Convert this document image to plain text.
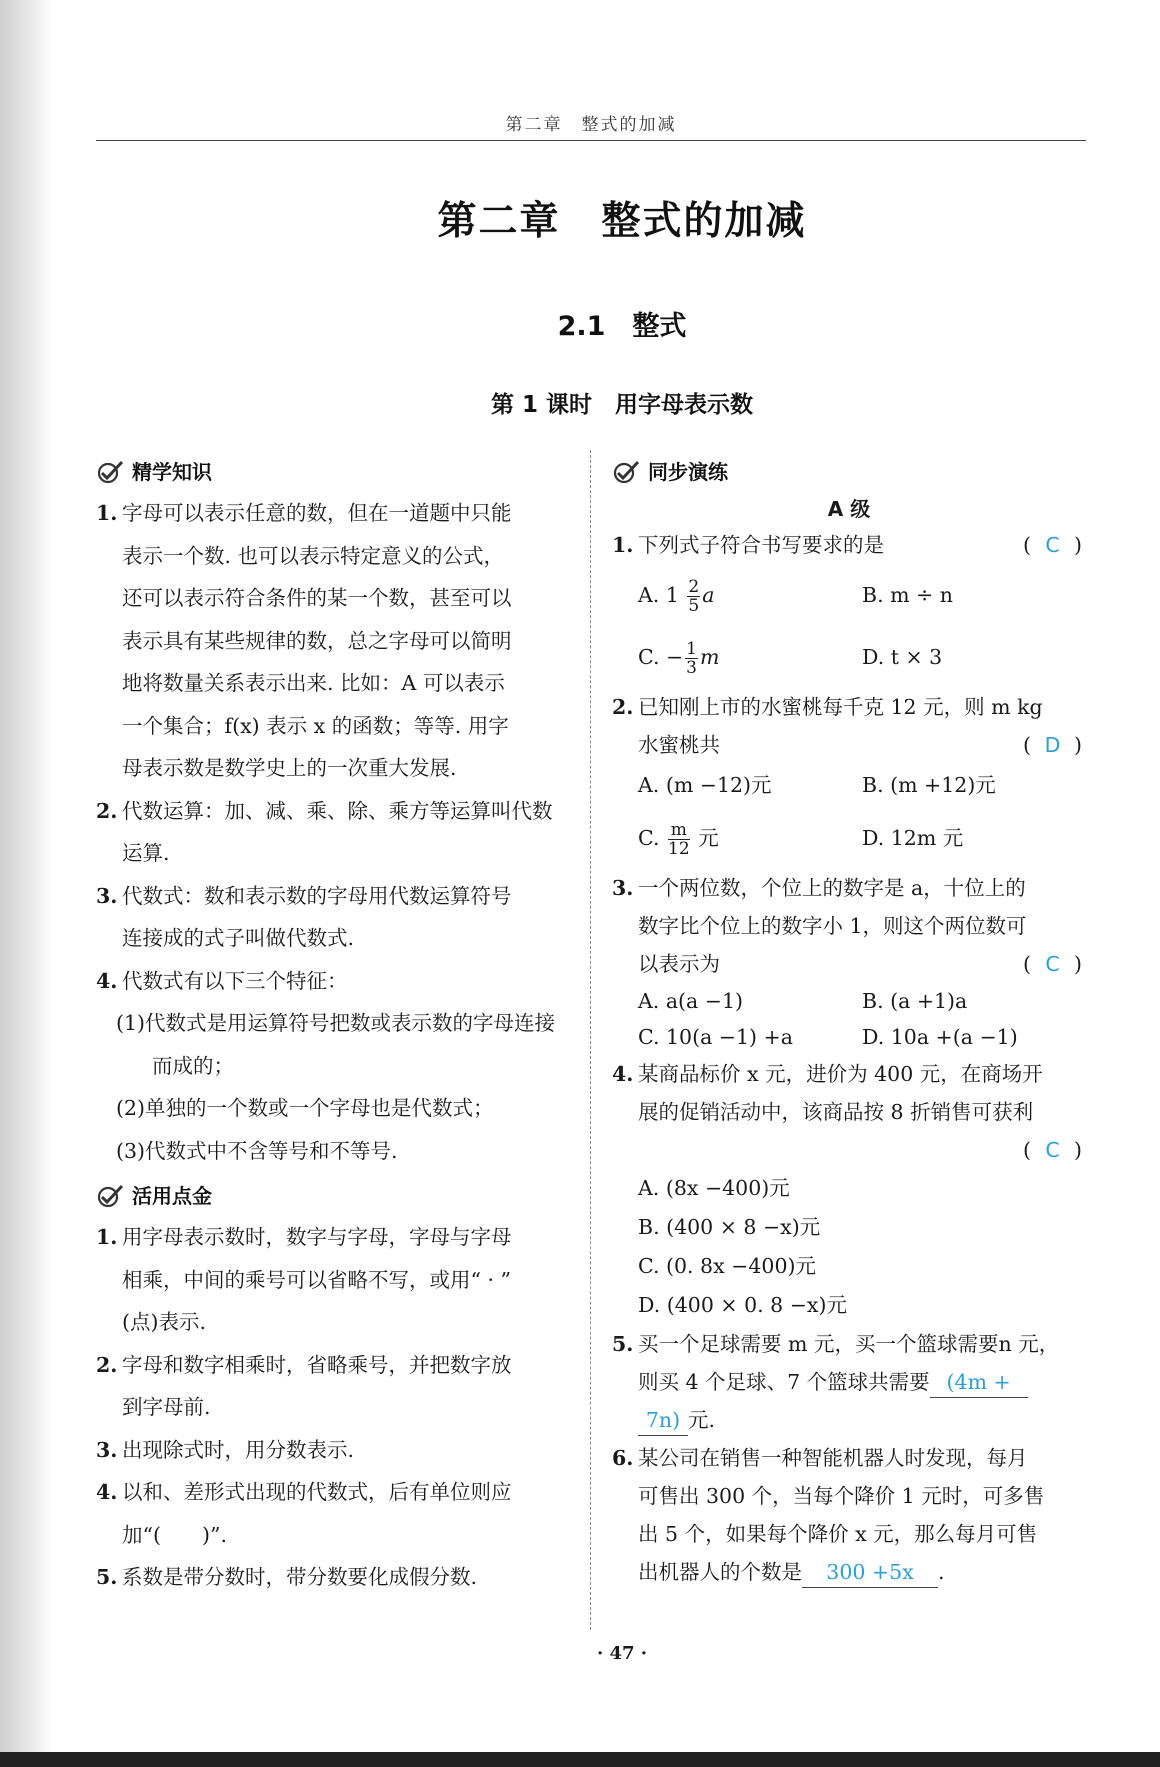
第二章　整式的加减
第二章　整式的加减
2.1　整式
第 1 课时　用字母表示数
精学知识
1. 字母可以表示任意的数，但在一道题中只能
表示一个数. 也可以表示特定意义的公式，
还可以表示符合条件的某一个数，甚至可以
表示具有某些规律的数，总之字母可以简明
地将数量关系表示出来. 比如：A 可以表示
一个集合；f(x) 表示 x 的函数；等等. 用字
母表示数是数学史上的一次重大发展.
2. 代数运算：加、减、乘、除、乘方等运算叫代数
运算.
3. 代数式：数和表示数的字母用代数运算符号
连接成的式子叫做代数式.
4. 代数式有以下三个特征：
(1)代数式是用运算符号把数或表示数的字母连接而成的；
(2)单独的一个数或一个字母也是代数式；
(3)代数式中不含等号和不等号.
活用点金
1. 用字母表示数时，数字与字母，字母与字母
相乘，中间的乘号可以省略不写，或用“ · ”
(点)表示.
2. 字母和数字相乘时，省略乘号，并把数字放
到字母前.
3. 出现除式时，用分数表示.
4. 以和、差形式出现的代数式，后有单位则应
加“(　　)”.
5. 系数是带分数时，带分数要化成假分数.
同步演练
A 级
1. 下列式子符合书写要求的是	( C )
A. $1 \frac{2}{5}$ a	B. m ÷ n
C. − $\frac{1}{3}$ m	D. t × 3
2. 已知刚上市的水蜜桃每千克 12 元，则 m kg
水蜜桃共	( D )
A. (m −12)元	B. (m +12)元
C. $\frac{m}{12}$ 元	D. 12m 元
3. 一个两位数，个位上的数字是 a，十位上的
数字比个位上的数字小 1，则这个两位数可
以表示为	( C )
A. a(a −1)	B. (a +1)a
C. 10(a −1) +a	D. 10a +(a −1)
4. 某商品标价 x 元，进价为 400 元，在商场开
展的促销活动中，该商品按 8 折销售可获利
( C )
A. (8x −400)元
B. (400 × 8 −x)元
C. (0. 8x −400)元
D. (400 × 0. 8 −x)元
5. 买一个足球需要 m 元，买一个篮球需要n 元，
则买 4 个足球、7 个篮球共需要 (4m +
7n) 元.
6. 某公司在销售一种智能机器人时发现，每月
可售出 300 个，当每个降价 1 元时，可多售
出 5 个，如果每个降价 x 元，那么每月可售
出机器人的个数是 300 +5x .
· 47 ·
